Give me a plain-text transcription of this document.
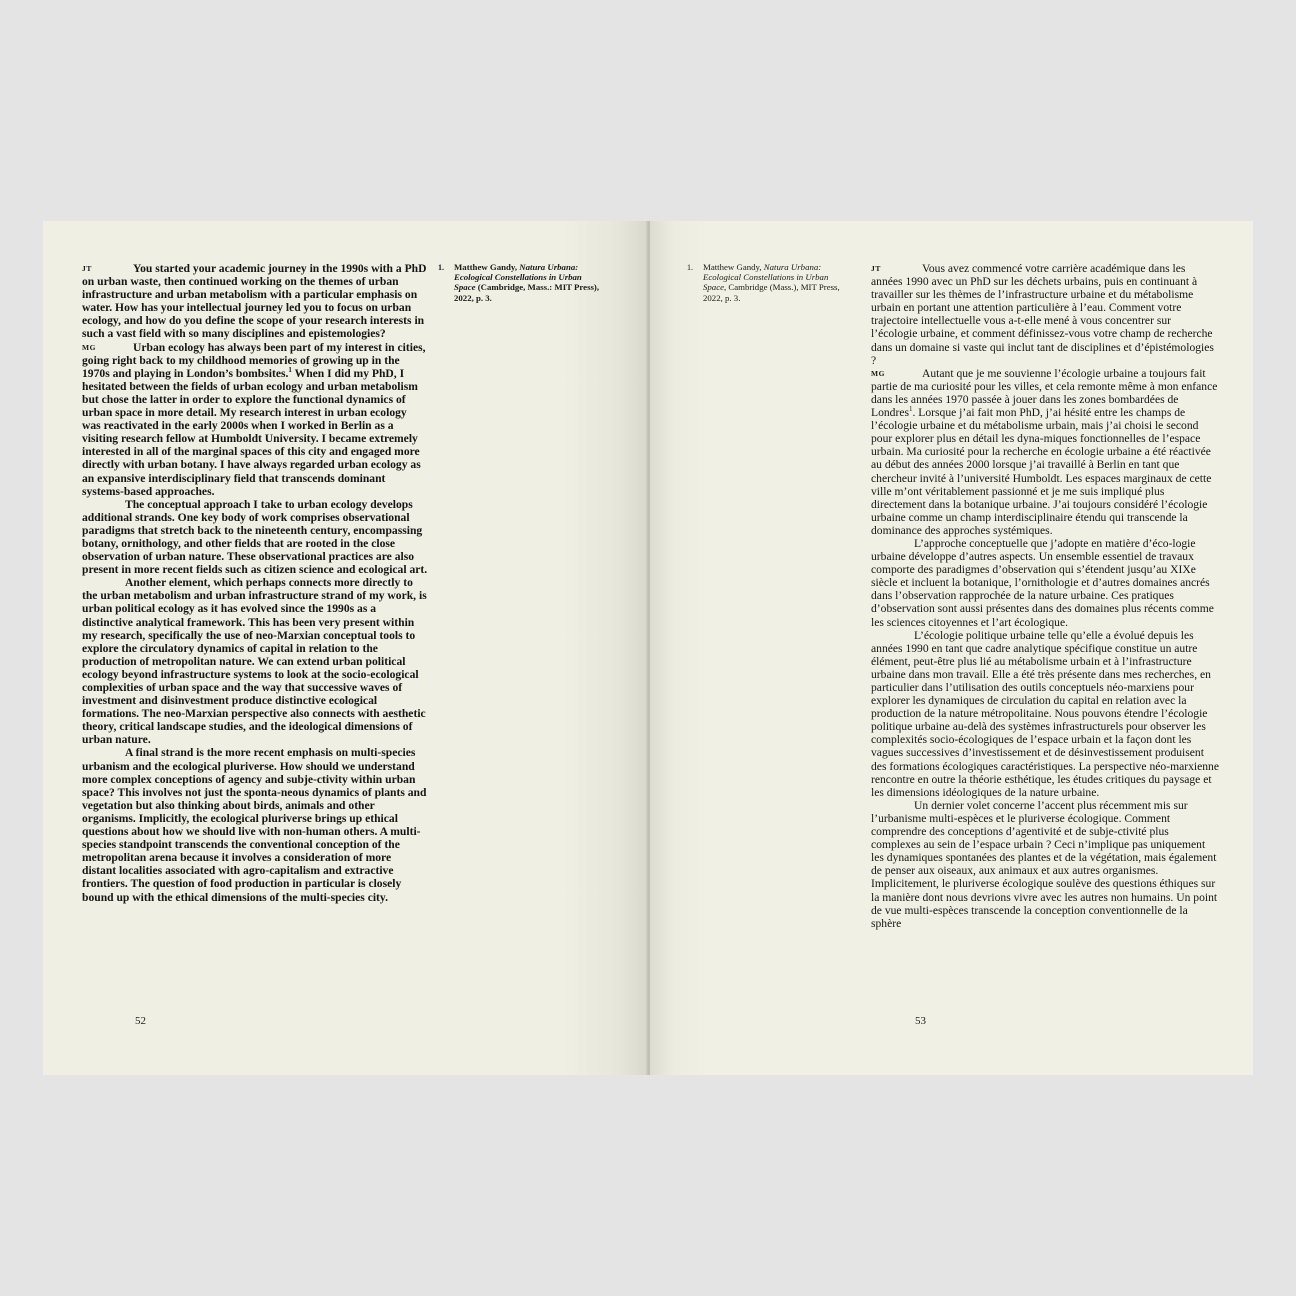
JT	You started your academic journey in the 1990s with a PhD on urban waste, then continued working on the themes of urban infrastructure and urban metabolism with a particular emphasis on water. How has your intellectual journey led you to focus on urban ecology, and how do you define the scope of your research interests in such a vast field with so many disciplines and epistemologies?

MG	Urban ecology has always been part of my interest in cities, going right back to my childhood memories of growing up in the 1970s and playing in London’s bombsites.$^1$ When I did my PhD, I hesitated between the fields of urban ecology and urban metabolism but chose the latter in order to explore the functional dynamics of urban space in more detail. My research interest in urban ecology was reactivated in the early 2000s when I worked in Berlin as a visiting research fellow at Humboldt University. I became extremely interested in all of the marginal spaces of this city and engaged more directly with urban botany. I have always regarded urban ecology as an expansive interdisciplinary field that transcends dominant systems-based approaches.

The conceptual approach I take to urban ecology develops additional strands. One key body of work comprises observational paradigms that stretch back to the nineteenth century, encompassing botany, ornithology, and other fields that are rooted in the close observation of urban nature. These observational practices are also present in more recent fields such as citizen science and ecological art.

Another element, which perhaps connects more directly to the urban metabolism and urban infrastructure strand of my work, is urban political ecology as it has evolved since the 1990s as a distinctive analytical framework. This has been very present within my research, specifically the use of neo-Marxian conceptual tools to explore the circulatory dynamics of capital in relation to the production of metropolitan nature. We can extend urban political ecology beyond infrastructure systems to look at the socio-ecological complexities of urban space and the way that successive waves of investment and disinvestment produce distinctive ecological formations. The neo-Marxian perspective also connects with aesthetic theory, critical landscape studies, and the ideological dimensions of urban nature.

A final strand is the more recent emphasis on multi-species urbanism and the ecological pluriverse. How should we understand more complex conceptions of agency and subje-ctivity within urban space? This involves not just the sponta-neous dynamics of plants and vegetation but also thinking about birds, animals and other organisms. Implicitly, the ecological pluriverse brings up ethical questions about how we should live with non-human others. A multi-species standpoint transcends the conventional conception of the metropolitan arena because it involves a consideration of more distant localities associated with agro-capitalism and extractive frontiers. The question of food production in particular is closely bound up with the ethical dimensions of the multi-species city.

1. Matthew Gandy, Natura Urbana: Ecological Constellations in Urban Space (Cambridge, Mass.: MIT Press), 2022, p. 3.
52
1. Matthew Gandy, Natura Urbana: Ecological Constellations in Urban Space, Cambridge (Mass.), MIT Press, 2022, p. 3.

JT	Vous avez commencé votre carrière académique dans les années 1990 avec un PhD sur les déchets urbains, puis en continuant à travailler sur les thèmes de l’infrastructure urbaine et du métabolisme urbain en portant une attention particulière à l’eau. Comment votre trajectoire intellectuelle vous a-t-elle mené à vous concentrer sur l’écologie urbaine, et comment définissez-vous votre champ de recherche dans un domaine si vaste qui inclut tant de disciplines et d’épistémologies ?

MG	Autant que je me souvienne l’écologie urbaine a toujours fait partie de ma curiosité pour les villes, et cela remonte même à mon enfance dans les années 1970 passée à jouer dans les zones bombardées de Londres$^1$. Lorsque j’ai fait mon PhD, j’ai hésité entre les champs de l’écologie urbaine et du métabolisme urbain, mais j’ai choisi le second pour explorer plus en détail les dyna-miques fonctionnelles de l’espace urbain. Ma curiosité pour la recherche en écologie urbaine a été réactivée au début des années 2000 lorsque j’ai travaillé à Berlin en tant que chercheur invité à l’université Humboldt. Les espaces marginaux de cette ville m’ont véritablement passionné et je me suis impliqué plus directement dans la botanique urbaine. J’ai toujours considéré l’écologie urbaine comme un champ interdisciplinaire étendu qui transcende la dominance des approches systémiques.

L’approche conceptuelle que j’adopte en matière d’éco-logie urbaine développe d’autres aspects. Un ensemble essentiel de travaux comporte des paradigmes d’observation qui s’étendent jusqu’au XIXe siècle et incluent la botanique, l’ornithologie et d’autres domaines ancrés dans l’observation rapprochée de la nature urbaine. Ces pratiques d’observation sont aussi présentes dans des domaines plus récents comme les sciences citoyennes et l’art écologique.

L’écologie politique urbaine telle qu’elle a évolué depuis les années 1990 en tant que cadre analytique spécifique constitue un autre élément, peut-être plus lié au métabolisme urbain et à l’infrastructure urbaine dans mon travail. Elle a été très présente dans mes recherches, en particulier dans l’utilisation des outils conceptuels néo-marxiens pour explorer les dynamiques de circulation du capital en relation avec la production de la nature métropolitaine. Nous pouvons étendre l’écologie politique urbaine au-delà des systèmes infrastructurels pour observer les complexités socio-écologiques de l’espace urbain et la façon dont les vagues successives d’investissement et de désinvestissement produisent des formations écologiques caractéristiques. La perspective néo-marxienne rencontre en outre la théorie esthétique, les études critiques du paysage et les dimensions idéologiques de la nature urbaine.

Un dernier volet concerne l’accent plus récemment mis sur l’urbanisme multi-espèces et le pluriverse écologique. Comment comprendre des conceptions d’agentivité et de subje-ctivité plus complexes au sein de l’espace urbain ? Ceci n’implique pas uniquement les dynamiques spontanées des plantes et de la végétation, mais également de penser aux oiseaux, aux animaux et aux autres organismes. Implicitement, le pluriverse écologique soulève des questions éthiques sur la manière dont nous devrions vivre avec les autres non humains. Un point de vue multi-espèces transcende la conception conventionnelle de la sphère

53
